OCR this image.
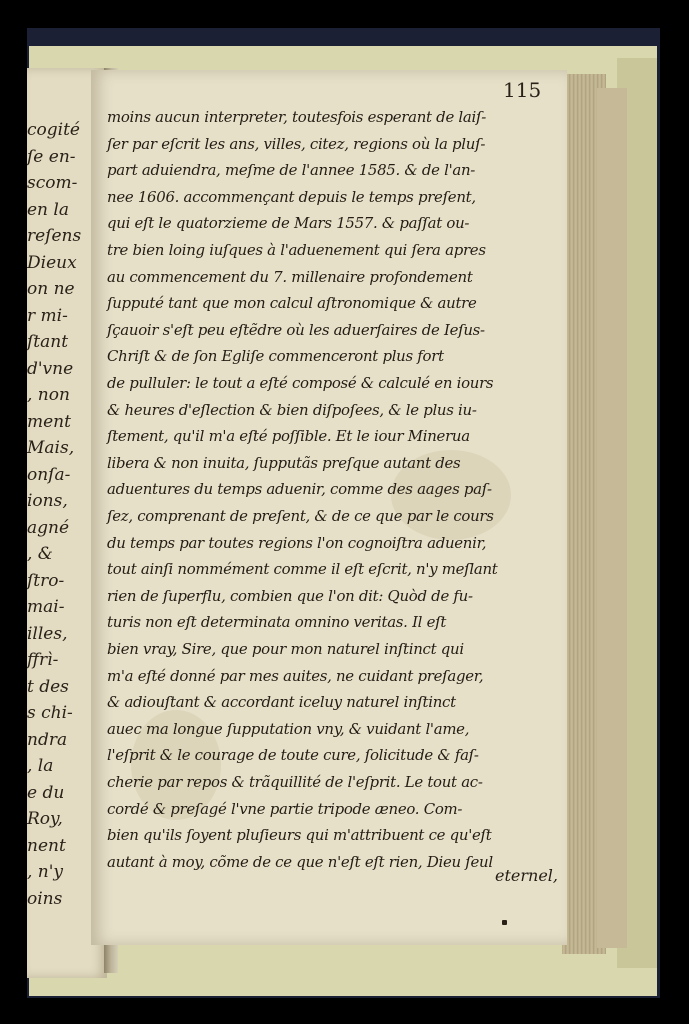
cogité
ſe en-
scom-
en la
reſens
Dieux
on ne
r mi-
ſtant
d'vne
, non
ment
Mais,
onſa-
ions,
agné
, &
ſtro-
mai-
illes,
ffrì-
t des
s chi-
ndra
, la
e du
Roy,
nent
, n'y
oins
115
moins aucun interpreter, toutesfois esperant de laiſ-
ſer par eſcrit les ans, villes, citez, regions où la pluſ-
part aduiendra, meſme de l'annee 1585. & de l'an-
nee 1606. accommençant depuis le temps preſent,
qui eſt le quatorzieme de Mars 1557. & paſſat ou-
tre bien loing iuſques à l'aduenement qui ſera apres
au commencement du 7. millenaire profondement
ſupputé tant que mon calcul aſtronomique & autre
ſçauoir s'eſt peu eſtẽdre où les aduerſaires de Ieſus-
Chriſt & de ſon Egliſe commenceront plus fort
de pulluler: le tout a eſté composé & calculé en iours
& heures d'eſlection & bien diſpoſees, & le plus iu-
ſtement, qu'il m'a eſté poſſible. Et le iour Minerua
libera & non inuita, ſupputãs preſque autant des
aduentures du temps aduenir, comme des aages paſ-
ſez, comprenant de preſent, & de ce que par le cours
du temps par toutes regions l'on cognoiſtra aduenir,
tout ainſi nommément comme il eſt eſcrit, n'y meſlant
rien de ſuperflu, combien que l'on dit: Quòd de fu-
turis non eſt determinata omnino veritas. Il eſt
bien vray, Sire, que pour mon naturel inſtinct qui
m'a eſté donné par mes auites, ne cuidant preſager,
& adiouſtant & accordant iceluy naturel inſtinct
auec ma longue ſupputation vny, & vuidant l'ame,
l'eſprit & le courage de toute cure, ſolicitude & faſ-
cherie par repos & trãquillité de l'eſprit. Le tout ac-
cordé & preſagé l'vne partie tripode æneo. Com-
bien qu'ils ſoyent pluſieurs qui m'attribuent ce qu'eſt
autant à moy, cõme de ce que n'eſt eſt rien, Dieu ſeul
eternel,
